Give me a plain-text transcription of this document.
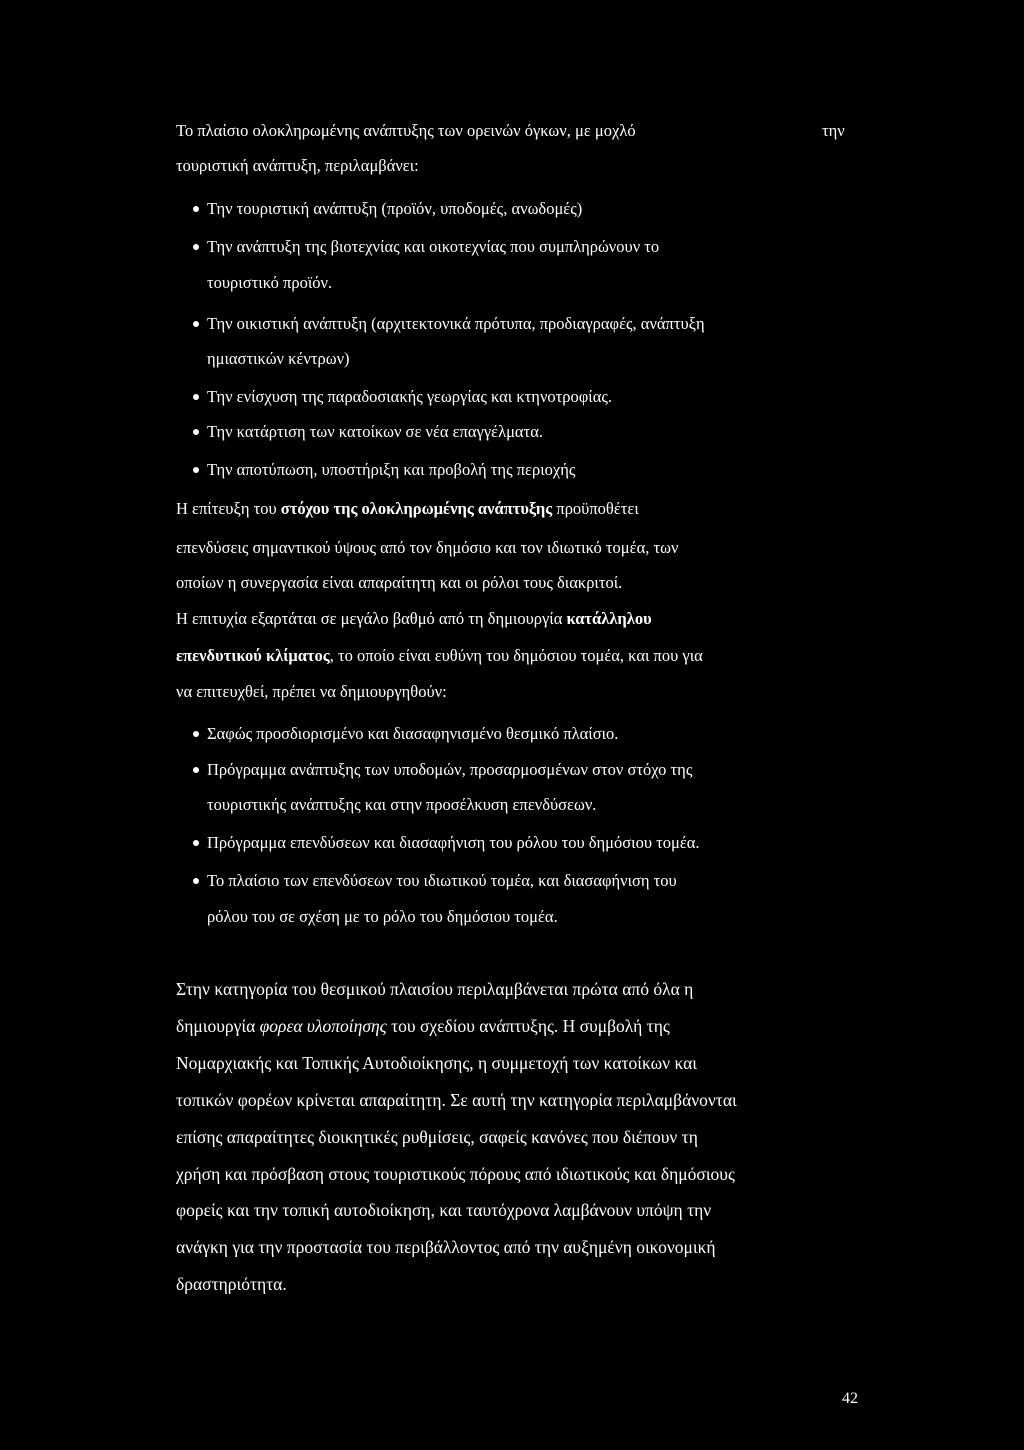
Το πλαίσιο ολοκληρωμένης ανάπτυξης των ορεινών όγκων, με μοχλό	την
τουριστική ανάπτυξη, περιλαμβάνει:
Την τουριστική ανάπτυξη (προϊόν, υποδομές, ανωδομές)
Την ανάπτυξη της βιοτεχνίας και οικοτεχνίας που συμπληρώνουν το
τουριστικό προϊόν.
Την οικιστική ανάπτυξη (αρχιτεκτονικά πρότυπα, προδιαγραφές, ανάπτυξη
ημιαστικών κέντρων)
Την ενίσχυση της παραδοσιακής γεωργίας και κτηνοτροφίας.
Την κατάρτιση των κατοίκων σε νέα επαγγέλματα.
Την αποτύπωση, υποστήριξη και προβολή της περιοχής
Η επίτευξη του στόχου της ολοκληρωμένης ανάπτυξης προϋποθέτει
επενδύσεις σημαντικού ύψους από τον δημόσιο και τον ιδιωτικό τομέα, των
οποίων η συνεργασία είναι απαραίτητη και οι ρόλοι τους διακριτοί.
Η επιτυχία εξαρτάται σε μεγάλο βαθμό από τη δημιουργία κατάλληλου
επενδυτικού κλίματος, το οποίο είναι ευθύνη του δημόσιου τομέα, και που για
να επιτευχθεί, πρέπει να δημιουργηθούν:
Σαφώς προσδιορισμένο και διασαφηνισμένο θεσμικό πλαίσιο.
Πρόγραμμα ανάπτυξης των υποδομών, προσαρμοσμένων στον στόχο της
τουριστικής ανάπτυξης και στην προσέλκυση επενδύσεων.
Πρόγραμμα επενδύσεων και διασαφήνιση του ρόλου του δημόσιου τομέα.
Το πλαίσιο των επενδύσεων του ιδιωτικού τομέα, και διασαφήνιση του
ρόλου του σε σχέση με το ρόλο του δημόσιου τομέα.
Στην κατηγορία του θεσμικού πλαισίου περιλαμβάνεται πρώτα από όλα η
δημιουργία φορεα υλοποίησης του σχεδίου ανάπτυξης. Η συμβολή της
Νομαρχιακής και Τοπικής Αυτοδιοίκησης, η συμμετοχή των κατοίκων και
τοπικών φορέων κρίνεται απαραίτητη. Σε αυτή την κατηγορία περιλαμβάνονται
επίσης απαραίτητες διοικητικές ρυθμίσεις, σαφείς κανόνες που διέπουν τη
χρήση και πρόσβαση στους τουριστικούς πόρους από ιδιωτικούς και δημόσιους
φορείς και την τοπική αυτοδιοίκηση, και ταυτόχρονα λαμβάνουν υπόψη την
ανάγκη για την προστασία του περιβάλλοντος από την αυξημένη οικονομική
δραστηριότητα.
42
